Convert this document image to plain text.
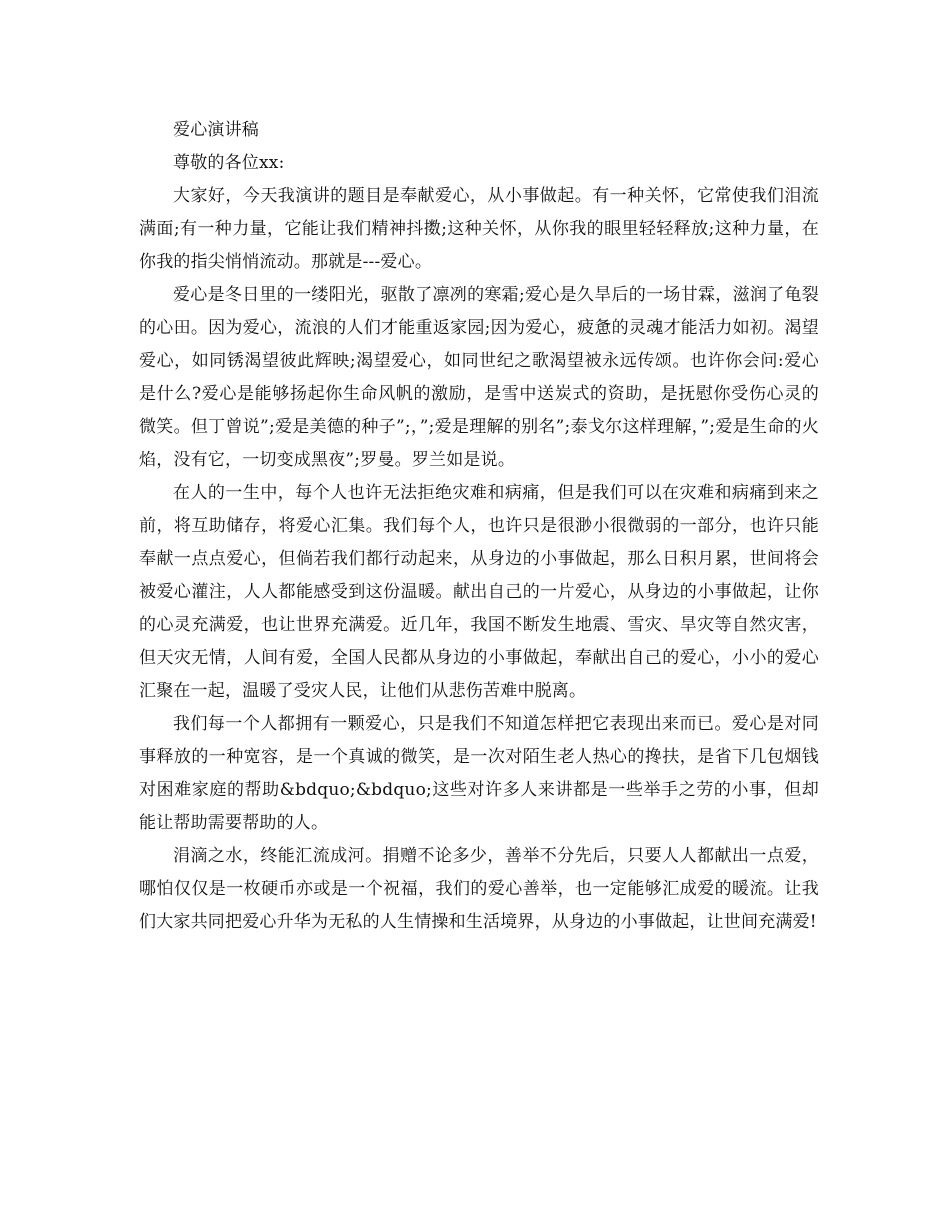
爱心演讲稿

尊敬的各位xx:

大家好，今天我演讲的题目是奉献爱心，从小事做起。有一种关怀，它常使我们泪流满面;有一种力量，它能让我们精神抖擞;这种关怀，从你我的眼里轻轻释放;这种力量，在你我的指尖悄悄流动。那就是---爱心。

爱心是冬日里的一缕阳光，驱散了凛冽的寒霜;爱心是久旱后的一场甘霖，滋润了龟裂的心田。因为爱心，流浪的人们才能重返家园;因为爱心，疲惫的灵魂才能活力如初。渴望爱心，如同锈渴望彼此辉映;渴望爱心，如同世纪之歌渴望被永远传颂。也许你会问:爱心是什么?爱心是能够扬起你生命风帆的激励，是雪中送炭式的资助，是抚慰你受伤心灵的微笑。但丁曾说”;爱是美德的种子”;，”;爱是理解的别名”;泰戈尔这样理解，”;爱是生命的火焰，没有它，一切变成黑夜”;罗曼。罗兰如是说。

在人的一生中，每个人也许无法拒绝灾难和病痛，但是我们可以在灾难和病痛到来之前，将互助储存，将爱心汇集。我们每个人，也许只是很渺小很微弱的一部分，也许只能奉献一点点爱心，但倘若我们都行动起来，从身边的小事做起，那么日积月累，世间将会被爱心灌注，人人都能感受到这份温暖。献出自己的一片爱心，从身边的小事做起，让你的心灵充满爱，也让世界充满爱。近几年，我国不断发生地震、雪灾、旱灾等自然灾害，但天灾无情，人间有爱，全国人民都从身边的小事做起，奉献出自己的爱心，小小的爱心汇聚在一起，温暖了受灾人民，让他们从悲伤苦难中脱离。

我们每一个人都拥有一颗爱心，只是我们不知道怎样把它表现出来而已。爱心是对同事释放的一种宽容，是一个真诚的微笑，是一次对陌生老人热心的搀扶，是省下几包烟钱对困难家庭的帮助&bdquo;&bdquo;这些对许多人来讲都是一些举手之劳的小事，但却能让帮助需要帮助的人。

涓滴之水，终能汇流成河。捐赠不论多少，善举不分先后，只要人人都献出一点爱，哪怕仅仅是一枚硬币亦或是一个祝福，我们的爱心善举，也一定能够汇成爱的暖流。让我们大家共同把爱心升华为无私的人生情操和生活境界，从身边的小事做起，让世间充满爱!
